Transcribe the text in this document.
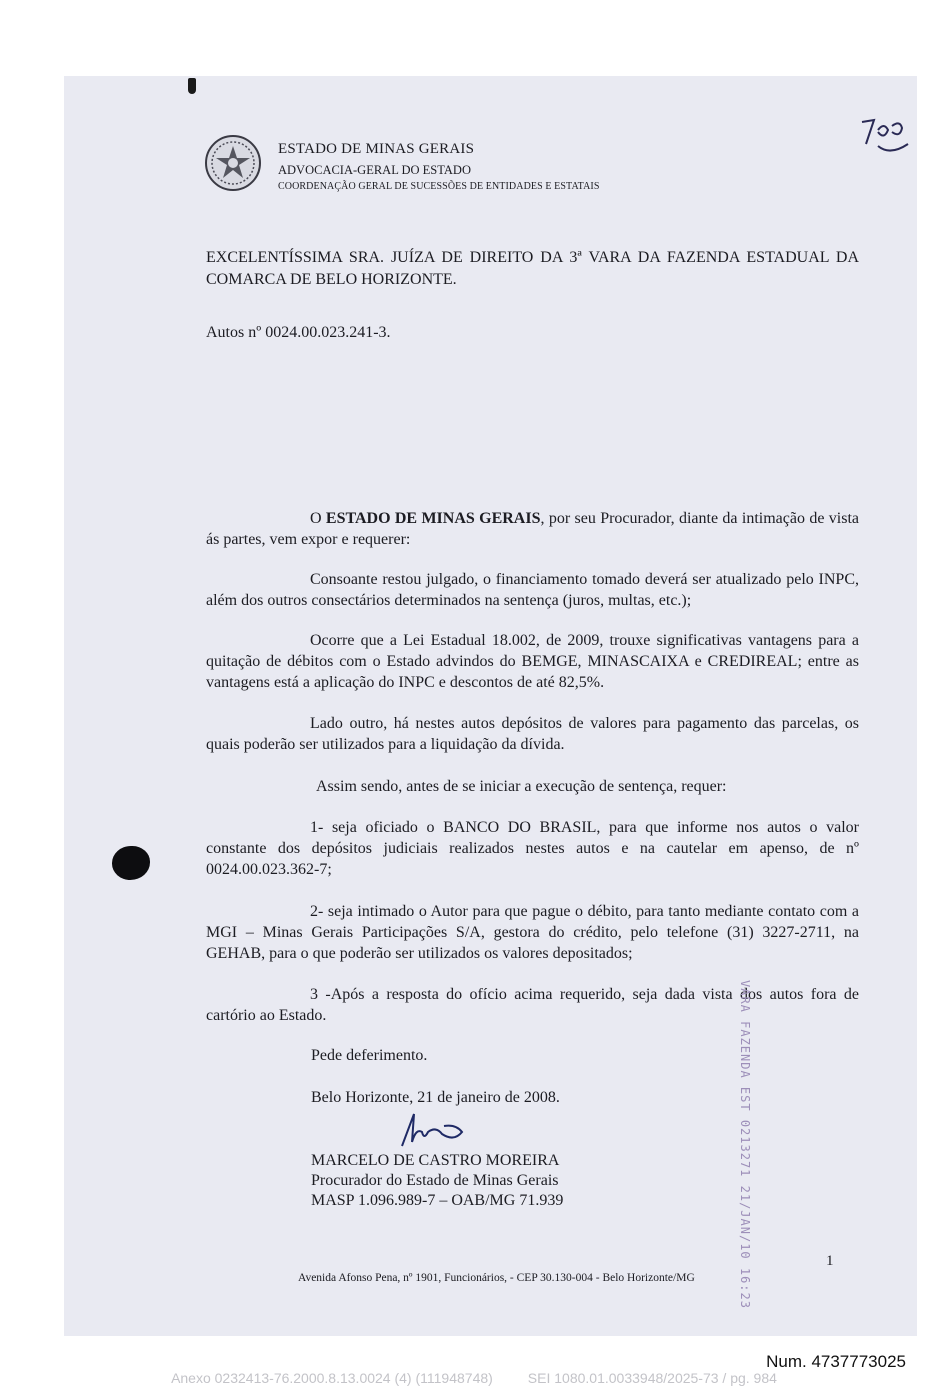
ESTADO DE MINAS GERAIS
ADVOCACIA-GERAL DO ESTADO
COORDENAÇÃO GERAL DE SUCESSÕES DE ENTIDADES E ESTATAIS
EXCELENTÍSSIMA SRA. JUÍZA DE DIREITO DA 3ª VARA DA FAZENDA ESTADUAL DA COMARCA DE BELO HORIZONTE.
Autos nº 0024.00.023.241-3.
O ESTADO DE MINAS GERAIS, por seu Procurador, diante da intimação de vista ás partes, vem expor e requerer:
Consoante restou julgado, o financiamento tomado deverá ser atualizado pelo INPC, além dos outros consectários determinados na sentença (juros, multas, etc.);
Ocorre que a Lei Estadual 18.002, de 2009, trouxe significativas vantagens para a quitação de débitos com o Estado advindos do BEMGE, MINASCAIXA e CREDIREAL; entre as vantagens está a aplicação do INPC e descontos de até 82,5%.
Lado outro, há nestes autos depósitos de valores para pagamento das parcelas, os quais poderão ser utilizados para a liquidação da dívida.
Assim sendo, antes de se iniciar a execução de sentença, requer:
1- seja oficiado o BANCO DO BRASIL, para que informe nos autos o valor constante dos depósitos judiciais realizados nestes autos e na cautelar em apenso, de nº 0024.00.023.362-7;
2- seja intimado o Autor para que pague o débito, para tanto mediante contato com a MGI – Minas Gerais Participações S/A, gestora do crédito, pelo telefone (31) 3227-2711, na GEHAB, para o que poderão ser utilizados os valores depositados;
3 -Após a resposta do ofício acima requerido, seja dada vista dos autos fora de cartório ao Estado.
Pede deferimento.
Belo Horizonte, 21 de janeiro de 2008.
MARCELO DE CASTRO MOREIRA
Procurador do Estado de Minas Gerais
MASP 1.096.989-7 – OAB/MG 71.939
1
Avenida Afonso Pena, nº 1901, Funcionários, - CEP 30.130-004 - Belo Horizonte/MG	VARA FAZENDA EST 0213271 21/JAN/10 16:23
Num. 4737773025
Anexo 0232413-76.2000.8.13.0024 (4) (111948748)         SEI 1080.01.0033948/2025-73 / pg. 984
